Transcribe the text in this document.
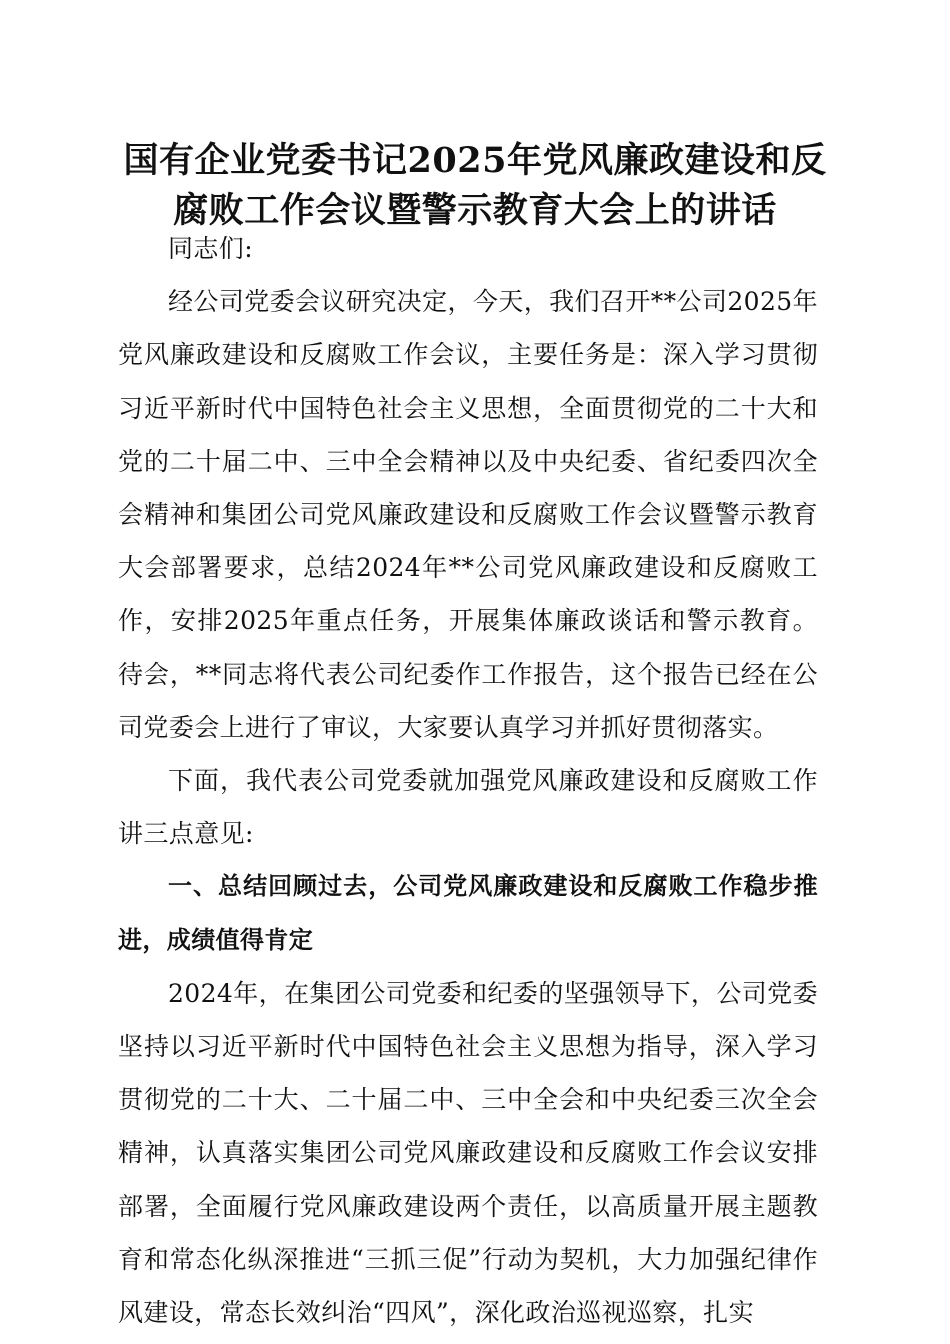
国有企业党委书记2025年党风廉政建设和反腐败工作会议暨警示教育大会上的讲话

同志们:

经公司党委会议研究决定，今天，我们召开**公司2025年党风廉政建设和反腐败工作会议，主要任务是：深入学习贯彻习近平新时代中国特色社会主义思想，全面贯彻党的二十大和党的二十届二中、三中全会精神以及中央纪委、省纪委四次全会精神和集团公司党风廉政建设和反腐败工作会议暨警示教育大会部署要求，总结2024年**公司党风廉政建设和反腐败工作，安排2025年重点任务，开展集体廉政谈话和警示教育。待会，**同志将代表公司纪委作工作报告，这个报告已经在公司党委会上进行了审议，大家要认真学习并抓好贯彻落实。

下面，我代表公司党委就加强党风廉政建设和反腐败工作讲三点意见:

一、总结回顾过去，公司党风廉政建设和反腐败工作稳步推进，成绩值得肯定

2024年，在集团公司党委和纪委的坚强领导下，公司党委坚持以习近平新时代中国特色社会主义思想为指导，深入学习贯彻党的二十大、二十届二中、三中全会和中央纪委三次全会精神，认真落实集团公司党风廉政建设和反腐败工作会议安排部署，全面履行党风廉政建设两个责任，以高质量开展主题教育和常态化纵深推进“三抓三促”行动为契机，大力加强纪律作风建设，常态长效纠治“四风”，深化政治巡视巡察，扎实
